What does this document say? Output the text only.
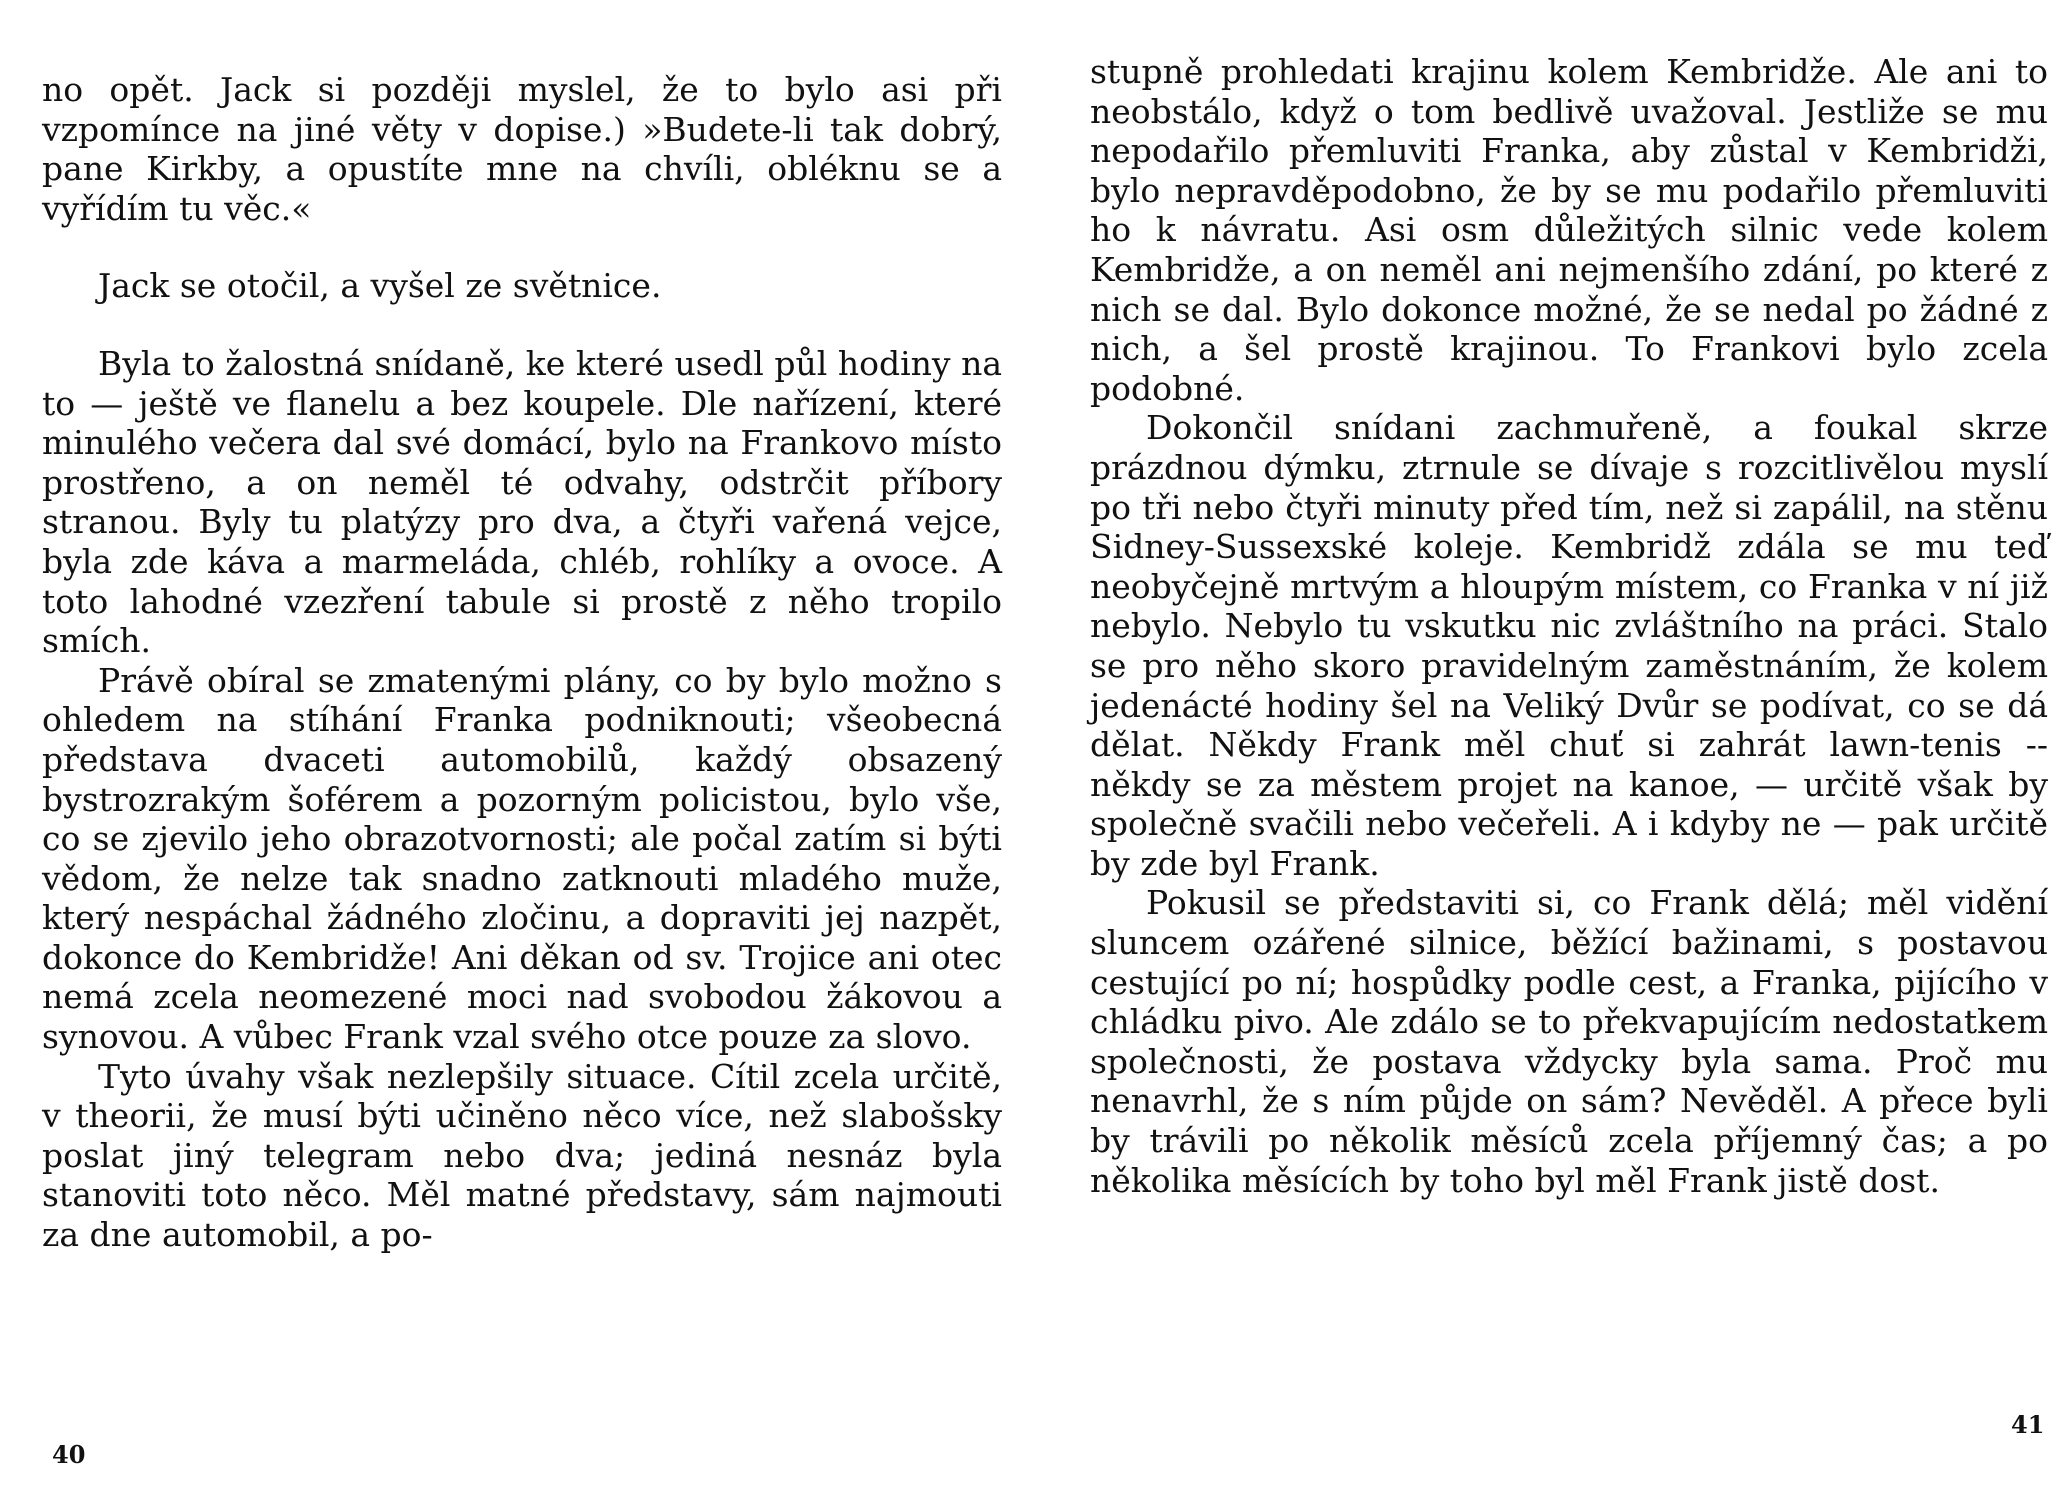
no opět. Jack si později myslel, že to bylo asi při vzpomínce na jiné věty v dopise.) »Budete-li tak dobrý, pane Kirkby, a opustíte mne na chvíli, obléknu se a vyřídím tu věc.«

Jack se otočil, a vyšel ze světnice.

Byla to žalostná snídaně, ke které usedl půl hodiny na to — ještě ve flanelu a bez koupele. Dle nařízení, které minulého večera dal své domácí, bylo na Frankovo místo prostřeno, a on neměl té odvahy, odstrčit příbory stranou. Byly tu platýzy pro dva, a čtyři vařená vejce, byla zde káva a marmeláda, chléb, rohlíky a ovoce. A toto lahodné vzezření tabule si prostě z něho tropilo smích.

Právě obíral se zmatenými plány, co by bylo možno s ohledem na stíhání Franka podniknouti; všeobecná představa dvaceti automobilů, každý obsazený bystrozrakým šoférem a pozorným policistou, bylo vše, co se zjevilo jeho obrazotvornosti; ale počal zatím si býti vědom, že nelze tak snadno zatknouti mladého muže, který nespáchal žádného zločinu, a dopraviti jej nazpět, dokonce do Kembridže! Ani děkan od sv. Trojice ani otec nemá zcela neomezené moci nad svobodou žákovou a synovou. A vůbec Frank vzal svého otce pouze za slovo.

Tyto úvahy však nezlepšily situace. Cítil zcela určitě, v theorii, že musí býti učiněno něco více, než slabošsky poslat jiný telegram nebo dva; jediná nesnáz byla stanoviti toto něco. Měl matné představy, sám najmouti za dne automobil, a po-

40

stupně prohledati krajinu kolem Kembridže. Ale ani to neobstálo, když o tom bedlivě uvažoval. Jestliže se mu nepodařilo přemluviti Franka, aby zůstal v Kembridži, bylo nepravděpodobno, že by se mu podařilo přemluviti ho k návratu. Asi osm důležitých silnic vede kolem Kembridže, a on neměl ani nejmenšího zdání, po které z nich se dal. Bylo dokonce možné, že se nedal po žádné z nich, a šel prostě krajinou. To Frankovi bylo zcela podobné.

Dokončil snídani zachmuřeně, a foukal skrze prázdnou dýmku, ztrnule se dívaje s rozcitlivělou myslí po tři nebo čtyři minuty před tím, než si zapálil, na stěnu Sidney-Sussexské koleje. Kembridž zdála se mu teď neobyčejně mrtvým a hloupým místem, co Franka v ní již nebylo. Nebylo tu vskutku nic zvláštního na práci. Stalo se pro něho skoro pravidelným zaměstnáním, že kolem jedenácté hodiny šel na Veliký Dvůr se podívat, co se dá dělat. Někdy Frank měl chuť si zahrát lawn-tenis -- někdy se za městem projet na kanoe, — určitě však by společně svačili nebo večeřeli. A i kdyby ne — pak určitě by zde byl Frank.

Pokusil se představiti si, co Frank dělá; měl vidění sluncem ozářené silnice, běžící bažinami, s postavou cestující po ní; hospůdky podle cest, a Franka, pijícího v chládku pivo. Ale zdálo se to překvapujícím nedostatkem společnosti, že postava vždycky byla sama. Proč mu nenavrhl, že s ním půjde on sám? Nevěděl. A přece byli by trávili po několik měsíců zcela příjemný čas; a po několika měsících by toho byl měl Frank jistě dost.

41
